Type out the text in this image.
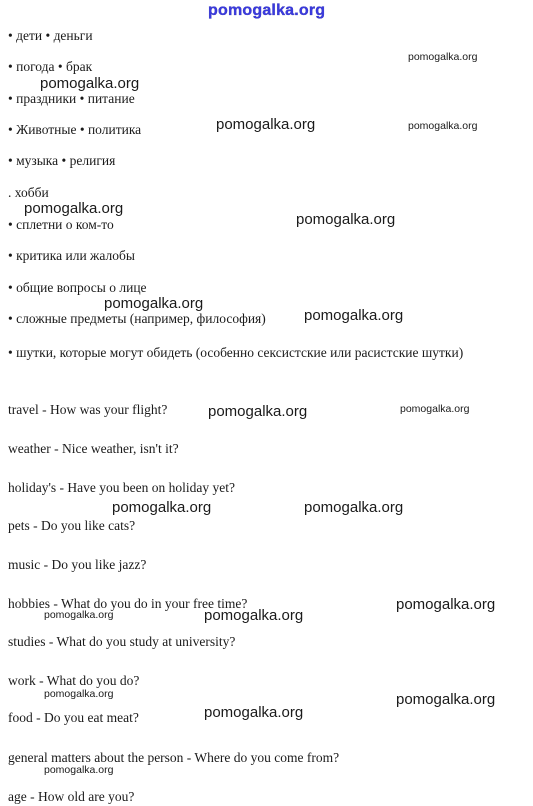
pomogalka.org
• дети • деньги
• погода • брак
• праздники • питание
• Животные • политика
• музыка • религия
. хобби
• сплетни о ком-то
• критика или жалобы
• общие вопросы о лице
• сложные предметы (например, философия)
• шутки, которые могут обидеть (особенно сексистские или расистские шутки)
travel - How was your flight?
weather - Nice weather, isn't it?
holiday's - Have you been on holiday yet?
pets - Do you like cats?
music - Do you like jazz?
hobbies - What do you do in your free time?
studies - What do you study at university?
work - What do you do?
food - Do you eat meat?
general matters about the person - Where do you come from?
age - How old are you?
pomogalka.org
pomogalka.org
pomogalka.org	pomogalka.org
pomogalka.org
pomogalka.org
pomogalka.org
pomogalka.org
pomogalka.org	pomogalka.org
pomogalka.org	pomogalka.org
pomogalka.org
pomogalka.org	pomogalka.org
pomogalka.org	pomogalka.org
pomogalka.org
pomogalka.org
